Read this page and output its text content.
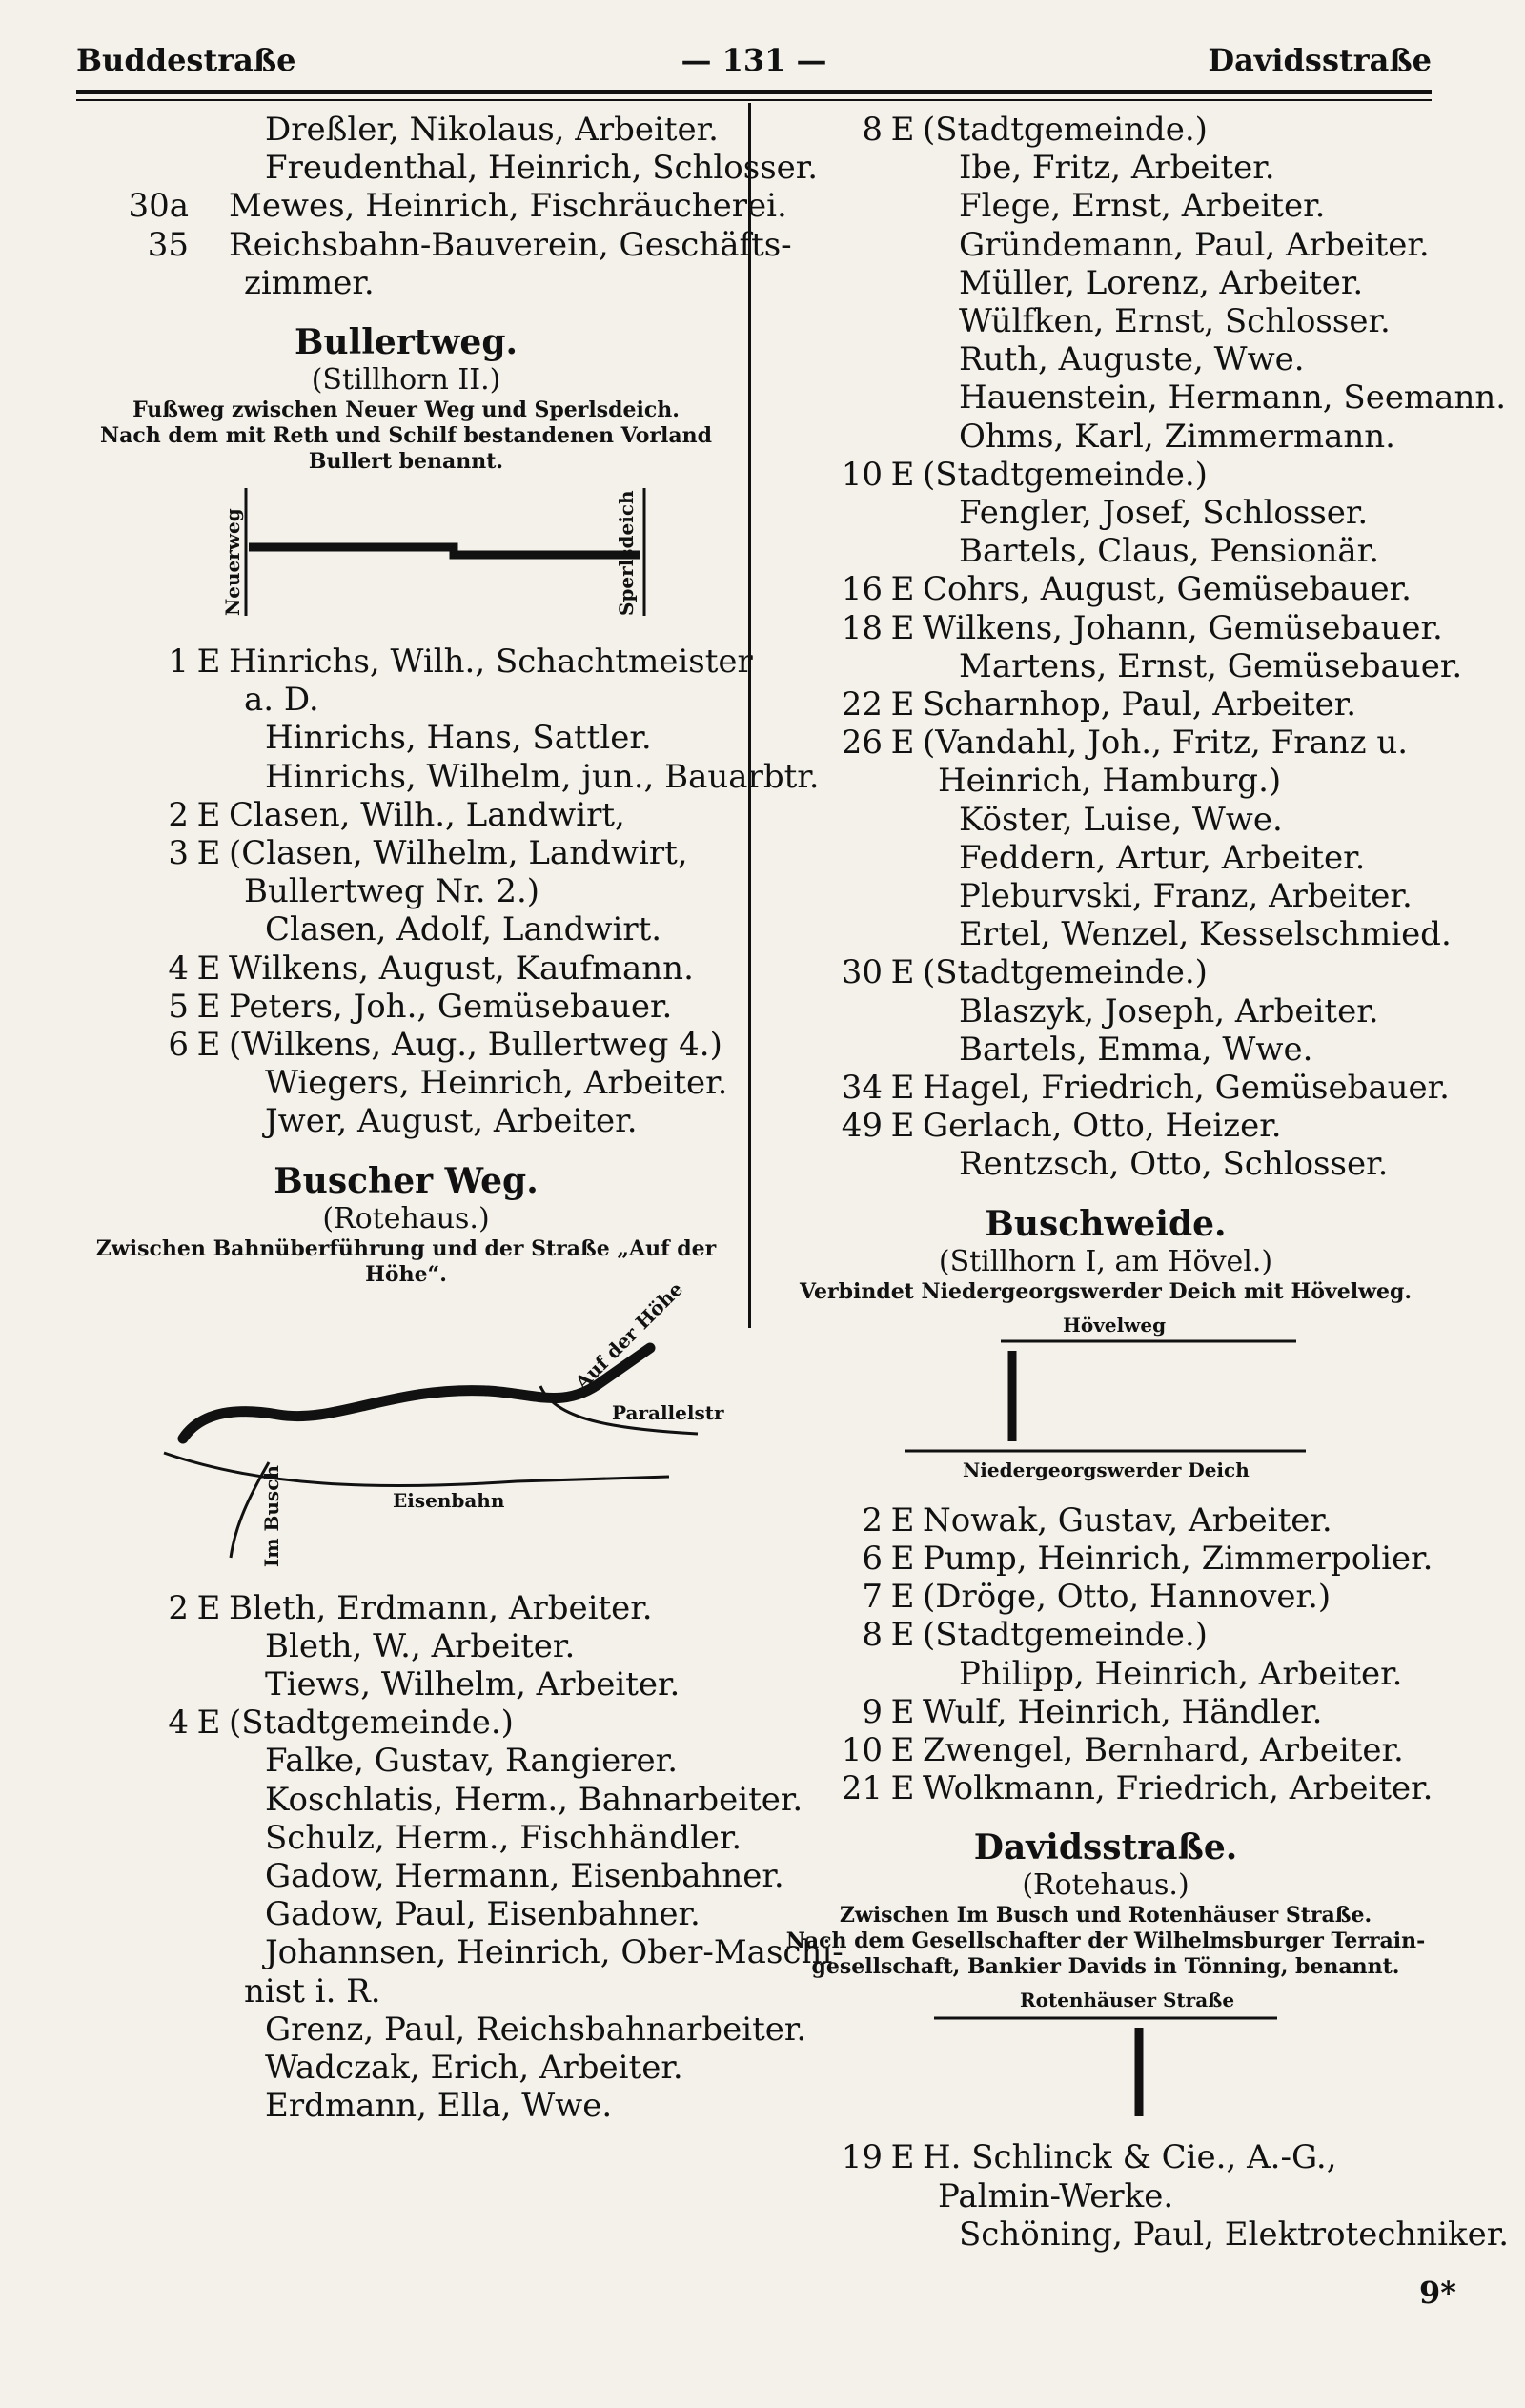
Buddestraße	— 131 —	Davidsstraße
Dreßler, Nikolaus, Arbeiter.
Freudenthal, Heinrich, Schlosser.
30a Mewes, Heinrich, Fischräucherei.
35 Reichsbahn-Bauverein, Geschäfts-
zimmer.
Bullertweg.
(Stillhorn II.)
Fußweg zwischen Neuer Weg und Sperlsdeich.
Nach dem mit Reth und Schilf bestandenen Vorland
Bullert benannt.
Neuerweg	Sperlsdeich
1 E Hinrichs, Wilh., Schachtmeister
a. D.
Hinrichs, Hans, Sattler.
Hinrichs, Wilhelm, jun., Bauarbtr.
2 E Clasen, Wilh., Landwirt,
3 E (Clasen, Wilhelm, Landwirt,
Bullertweg Nr. 2.)
Clasen, Adolf, Landwirt.
4 E Wilkens, August, Kaufmann.
5 E Peters, Joh., Gemüsebauer.
6 E (Wilkens, Aug., Bullertweg 4.)
Wiegers, Heinrich, Arbeiter.
Jwer, August, Arbeiter.
Buscher Weg.
(Rotehaus.)
Zwischen Bahnüberführung und der Straße „Auf der Höhe“.
Auf der Höhe
Parallelstr
Eisenbahn
Im Busch
2 E Bleth, Erdmann, Arbeiter.
Bleth, W., Arbeiter.
Tiews, Wilhelm, Arbeiter.
4 E (Stadtgemeinde.)
Falke, Gustav, Rangierer.
Koschlatis, Herm., Bahnarbeiter.
Schulz, Herm., Fischhändler.
Gadow, Hermann, Eisenbahner.
Gadow, Paul, Eisenbahner.
Johannsen, Heinrich, Ober-Maschi-
nist i. R.
Grenz, Paul, Reichsbahnarbeiter.
Wadczak, Erich, Arbeiter.
Erdmann, Ella, Wwe.
8 E (Stadtgemeinde.)
Ibe, Fritz, Arbeiter.
Flege, Ernst, Arbeiter.
Gründemann, Paul, Arbeiter.
Müller, Lorenz, Arbeiter.
Wülfken, Ernst, Schlosser.
Ruth, Auguste, Wwe.
Hauenstein, Hermann, Seemann.
Ohms, Karl, Zimmermann.
10 E (Stadtgemeinde.)
Fengler, Josef, Schlosser.
Bartels, Claus, Pensionär.
16 E Cohrs, August, Gemüsebauer.
18 E Wilkens, Johann, Gemüsebauer.
Martens, Ernst, Gemüsebauer.
22 E Scharnhop, Paul, Arbeiter.
26 E (Vandahl, Joh., Fritz, Franz u.
Heinrich, Hamburg.)
Köster, Luise, Wwe.
Feddern, Artur, Arbeiter.
Pleburvski, Franz, Arbeiter.
Ertel, Wenzel, Kesselschmied.
30 E (Stadtgemeinde.)
Blaszyk, Joseph, Arbeiter.
Bartels, Emma, Wwe.
34 E Hagel, Friedrich, Gemüsebauer.
49 E Gerlach, Otto, Heizer.
Rentzsch, Otto, Schlosser.
Buschweide.
(Stillhorn I, am Hövel.)
Verbindet Niedergeorgswerder Deich mit Hövelweg.
Hövelweg
Niedergeorgswerder Deich
2 E Nowak, Gustav, Arbeiter.
6 E Pump, Heinrich, Zimmerpolier.
7 E (Dröge, Otto, Hannover.)
8 E (Stadtgemeinde.)
Philipp, Heinrich, Arbeiter.
9 E Wulf, Heinrich, Händler.
10 E Zwengel, Bernhard, Arbeiter.
21 E Wolkmann, Friedrich, Arbeiter.
Davidsstraße.
(Rotehaus.)
Zwischen Im Busch und Rotenhäuser Straße.
Nach dem Gesellschafter der Wilhelmsburger Terrain-
gesellschaft, Bankier Davids in Tönning, benannt.
Rotenhäuser Straße
19 E H. Schlinck & Cie., A.-G.,
Palmin-Werke.
Schöning, Paul, Elektrotechniker.
9*
